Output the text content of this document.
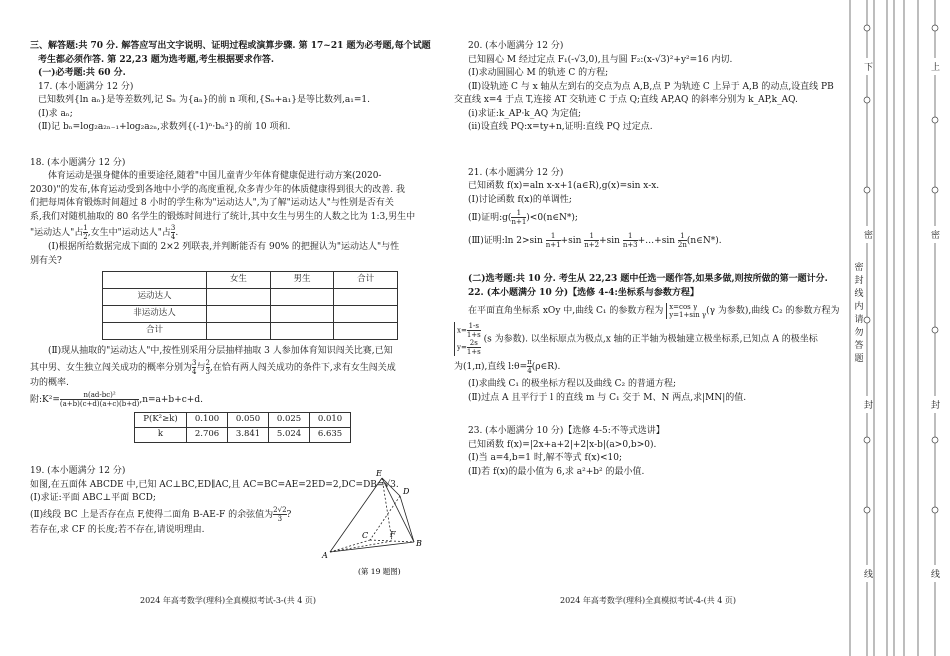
三、解答题:共 70 分. 解答应写出文字说明、证明过程或演算步骤. 第 17~21 题为必考题,每个试题
考生都必须作答. 第 22,23 题为选考题,考生根据要求作答.
(一)必考题:共 60 分.
17. (本小题满分 12 分)
已知数列{ln aₙ}是等差数列,记 Sₙ 为{aₙ}的前 n 项和,{Sₙ+a₁}是等比数列,a₁=1.
(Ⅰ)求 aₙ;
(Ⅱ)记 bₙ=log₂a₂ₙ₋₁+log₂a₂ₙ,求数列{(-1)ⁿ·bₙ²}的前 10 项和.
18. (本小题满分 12 分)
体育运动是强身健体的重要途径,随着"中国儿童青少年体育健康促进行动方案(2020-
2030)"的发布,体育运动受到各地中小学的高度重视,众多青少年的体质健康得到很大的改善. 我
们把每周体育锻炼时间超过 8 小时的学生称为"运动达人",为了解"运动达人"与性别是否有关
系,我们对随机抽取的 80 名学生的锻炼时间进行了统计,其中女生与男生的人数之比为 1:3,男生中
"运动达人"占 $\frac{1}{2}$ ,女生中"运动达人"占 $\frac{3}{4}$ .
(Ⅰ)根据所给数据完成下面的 2×2 列联表,并判断能否有 90% 的把握认为"运动达人"与性
别有关?
	女生	男生	合计
运动达人			
非运动达人			
合计			
(Ⅱ)现从抽取的"运动达人"中,按性别采用分层抽样抽取 3 人参加体育知识闯关比赛,已知
其中男、女生独立闯关成功的概率分别为 $\frac{3}{4}$ 与 $\frac{2}{3}$ ,在恰有两人闯关成功的条件下,求有女生闯关成
功的概率.
附:K²= $\frac{\text{n(ad-bc)²}}{(a+b)(c+d)(a+c)(b+d)} ,n=a+b+c+d$.
P(K²≥k)	0.100	0.050	0.025	0.010
k	2.706	3.841	5.024	6.635
19. (本小题满分 12 分)
如图,在五面体 ABCDE 中,已知 AC⊥BC,ED∥AC,且 AC=BC=AE=2ED=2,DC=DB=√3.
(Ⅰ)求证:平面 ABC⊥平面 BCD;
(Ⅱ)线段 BC 上是否存在点 F,使得二面角 B-AE-F 的余弦值为 $\frac{2√2}{3}$ ?
若存在,求 CF 的长度;若不存在,请说明理由.
E
D
F
C
B
A
(第 19 题图)
2024 年高考数学(理科)全真模拟考试-3-(共 4 页)
20. (本小题满分 12 分)
已知圆心 M 经过定点 F₁(-√3,0),且与圆 F₂:(x-√3)²+y²=16 内切.
(Ⅰ)求动圆圆心 M 的轨迹 C 的方程;
(Ⅱ)设轨迹 C 与 x 轴从左到右的交点为点 A,B,点 P 为轨迹 C 上异于 A,B 的动点,设直线 PB
交直线 x=4 于点 T,连接 AT 交轨迹 C 于点 Q;直线 AP,AQ 的斜率分别为 k_AP,k_AQ.
(ⅰ)求证:k_AP·k_AQ 为定值;
(ⅱ)设直线 PQ:x=ty+n,证明:直线 PQ 过定点.
21. (本小题满分 12 分)
已知函数 f(x)=aln x-x+1(a∈R),g(x)=sin x-x.
(Ⅰ)讨论函数 f(x)的单调性;
(Ⅱ)证明:g( $\frac{1}{n+1}$ )<0(n∈N*);
(Ⅲ)证明:ln $2>\sin \frac{1}{n+1} +\sin \frac{1}{n+2} +\sin \frac{1}{n+3}$ +…+sin $\frac{1}{2n}$ (n∈N*).
(二)选考题:共 10 分. 考生从 22,23 题中任选一题作答,如果多做,则按所做的第一题计分.
22. (本小题满分 10 分)【选修 4-4:坐标系与参数方程】
在平面直角坐标系 xOy 中,曲线 C₁ 的参数方程为 x=cos γ
y=1+sin γ (γ 为参数),曲线 C₂ 的参数方程为
$x= \frac{1-s}{1+s}$
$y= \frac{2s}{1+s} (s$ 为参数). 以坐标原点为极点,x 轴的正半轴为极轴建立极坐标系,已知点 A 的极坐标
为(1,π),直线 l:θ= $\frac{\pi}{4}$ (ρ∈R).
(Ⅰ)求曲线 C₁ 的极坐标方程以及曲线 C₂ 的普通方程;
(Ⅱ)过点 A 且平行于 l 的直线 m 与 C₁ 交于 M、N 两点,求|MN|的值.
23. (本小题满分 10 分)【选修 4-5:不等式选讲】
已知函数 f(x)=|2x+a+2|+2|x-b|(a>0,b>0).
(Ⅰ)当 a=4,b=1 时,解不等式 f(x)<10;
(Ⅱ)若 f(x)的最小值为 6,求 a²+b² 的最小值.
2024 年高考数学(理科)全真模拟考试-4-(共 4 页)
下	上
密	密
封	封
线	线
密封线内请勿答题
